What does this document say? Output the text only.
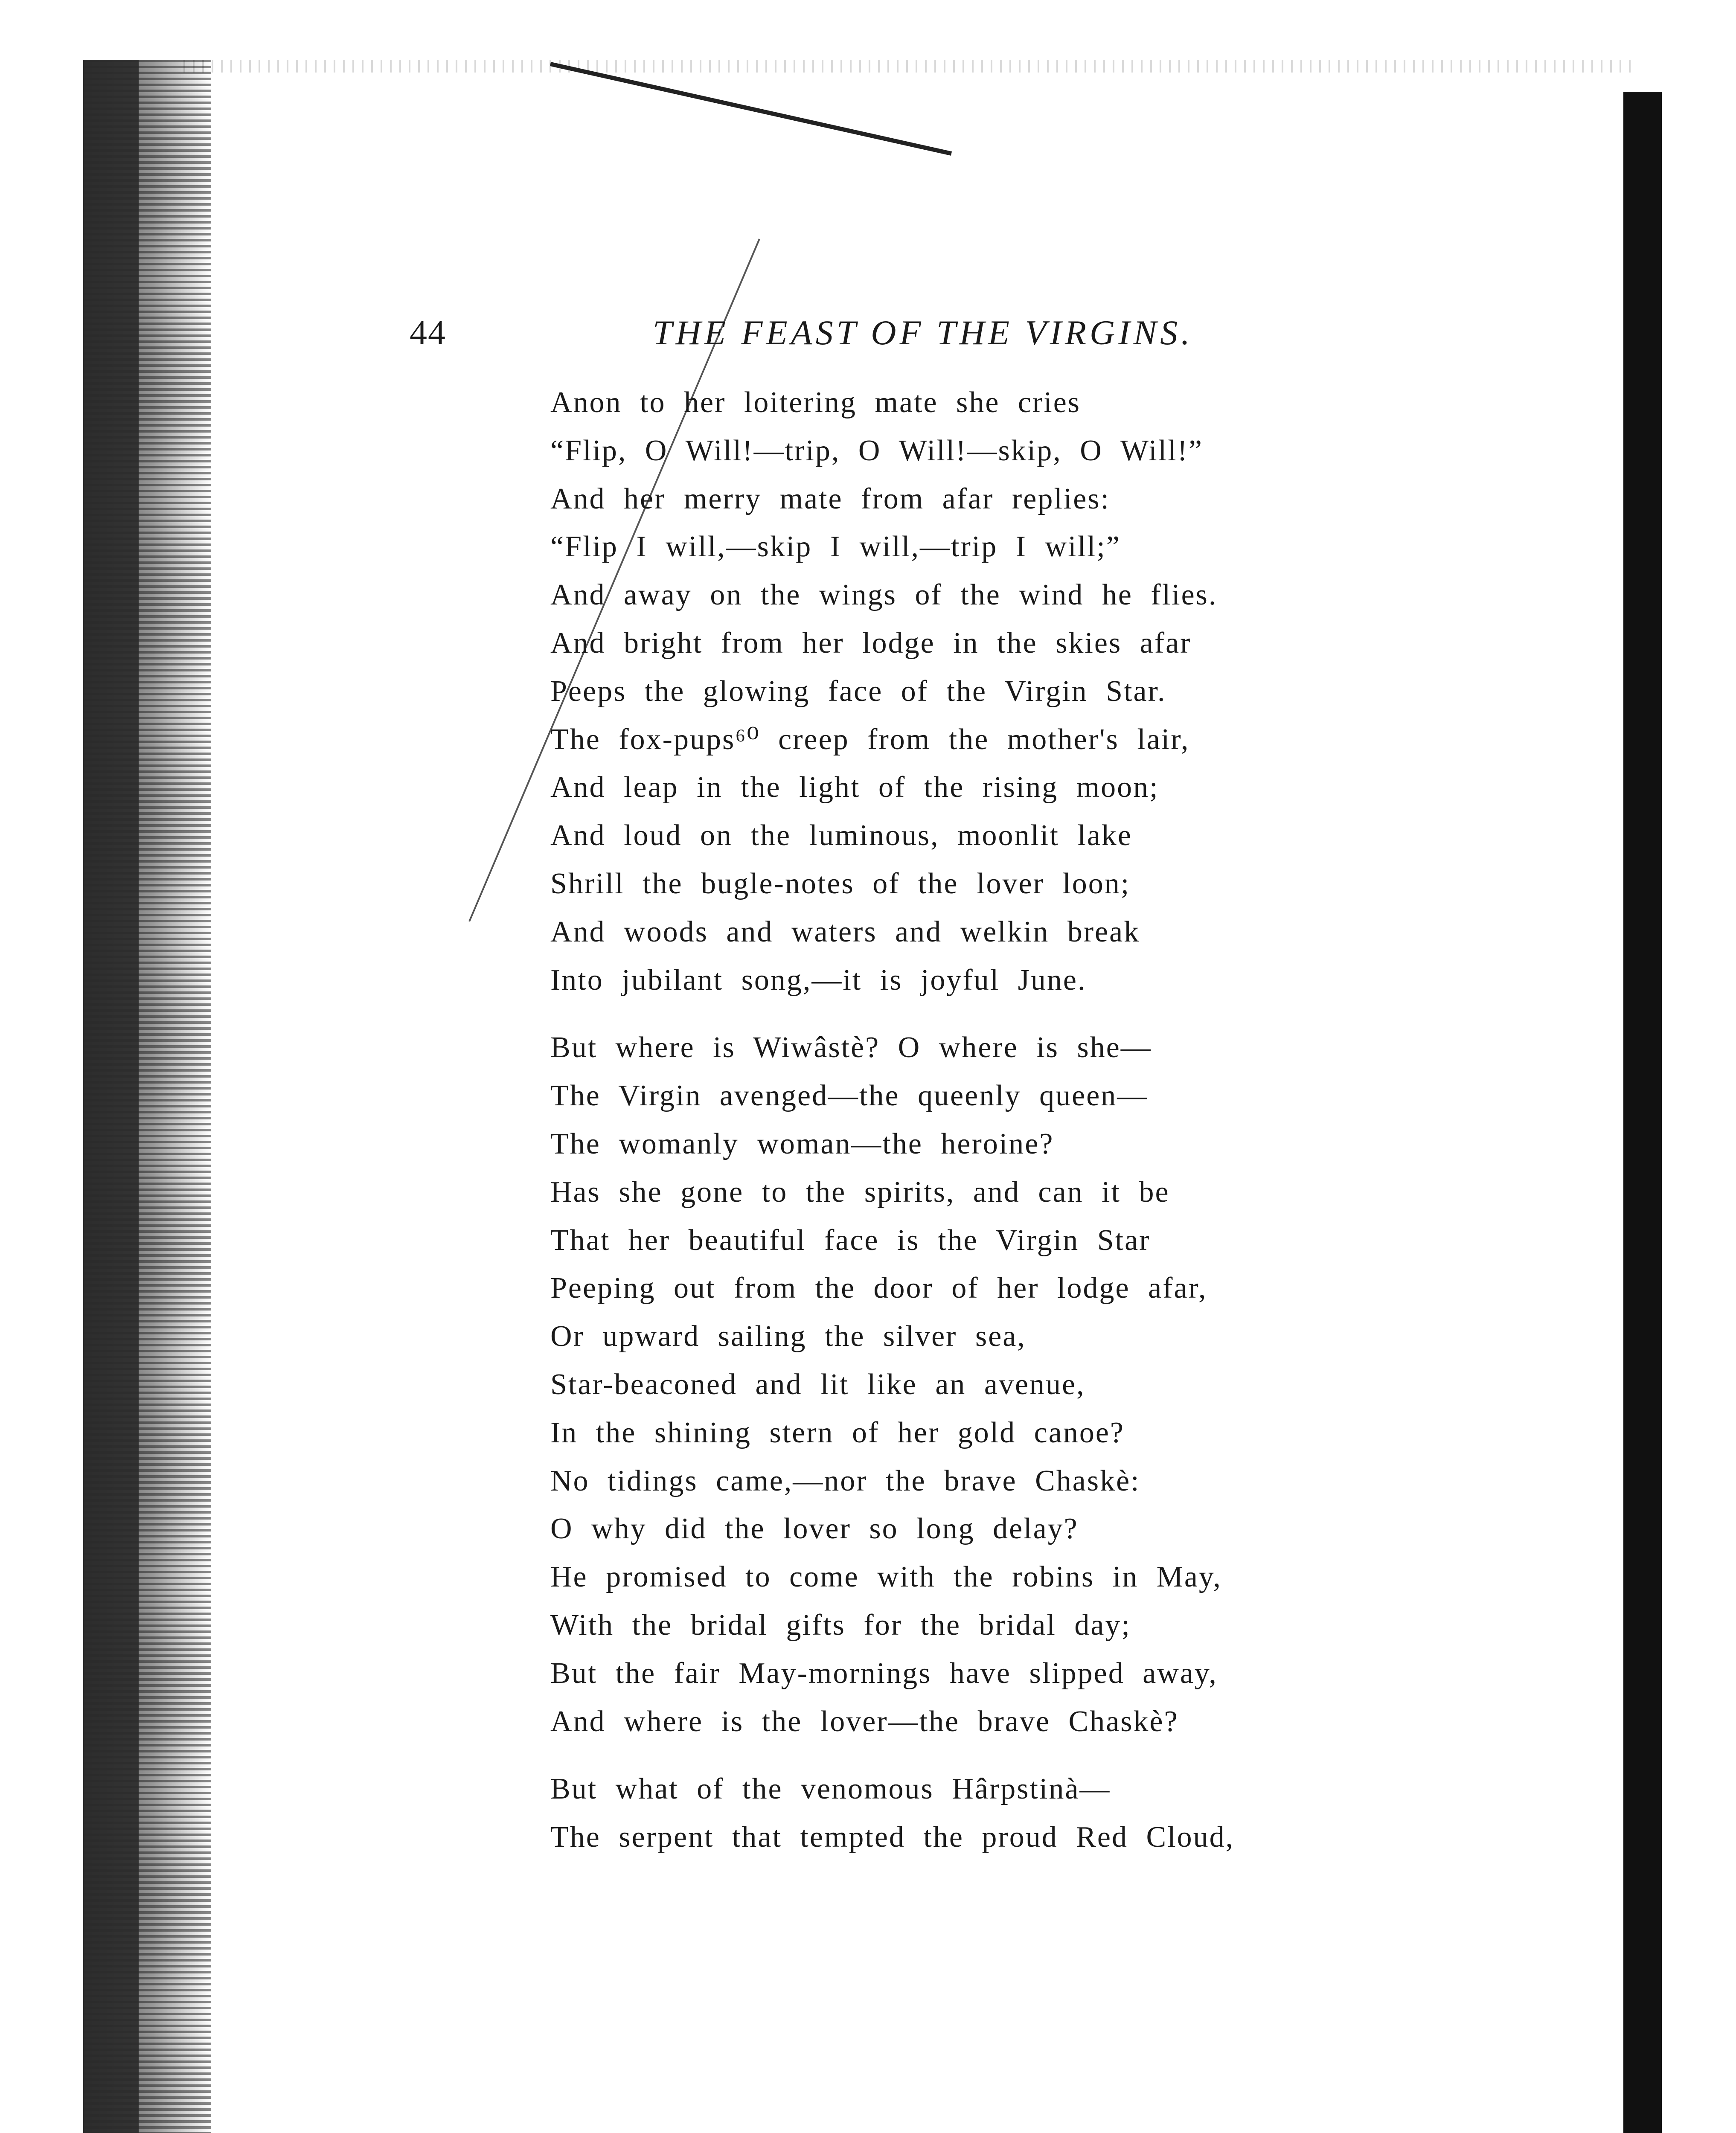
44	THE FEAST OF THE VIRGINS.
Anon to her loitering mate she cries
“Flip, O Will!—trip, O Will!—skip, O Will!”
And her merry mate from afar replies:
“Flip I will,—skip I will,—trip I will;”
And away on the wings of the wind he flies.
And bright from her lodge in the skies afar
Peeps the glowing face of the Virgin Star.
The fox-pups⁶⁰ creep from the mother's lair,
And leap in the light of the rising moon;
And loud on the luminous, moonlit lake
Shrill the bugle-notes of the lover loon;
And woods and waters and welkin break
Into jubilant song,—it is joyful June.
But where is Wiwâstè? O where is she—
The Virgin avenged—the queenly queen—
The womanly woman—the heroine?
Has she gone to the spirits, and can it be
That her beautiful face is the Virgin Star
Peeping out from the door of her lodge afar,
Or upward sailing the silver sea,
Star-beaconed and lit like an avenue,
In the shining stern of her gold canoe?
No tidings came,—nor the brave Chaskè:
O why did the lover so long delay?
He promised to come with the robins in May,
With the bridal gifts for the bridal day;
But the fair May-mornings have slipped away,
And where is the lover—the brave Chaskè?
But what of the venomous Hârpstinà—
The serpent that tempted the proud Red Cloud,
